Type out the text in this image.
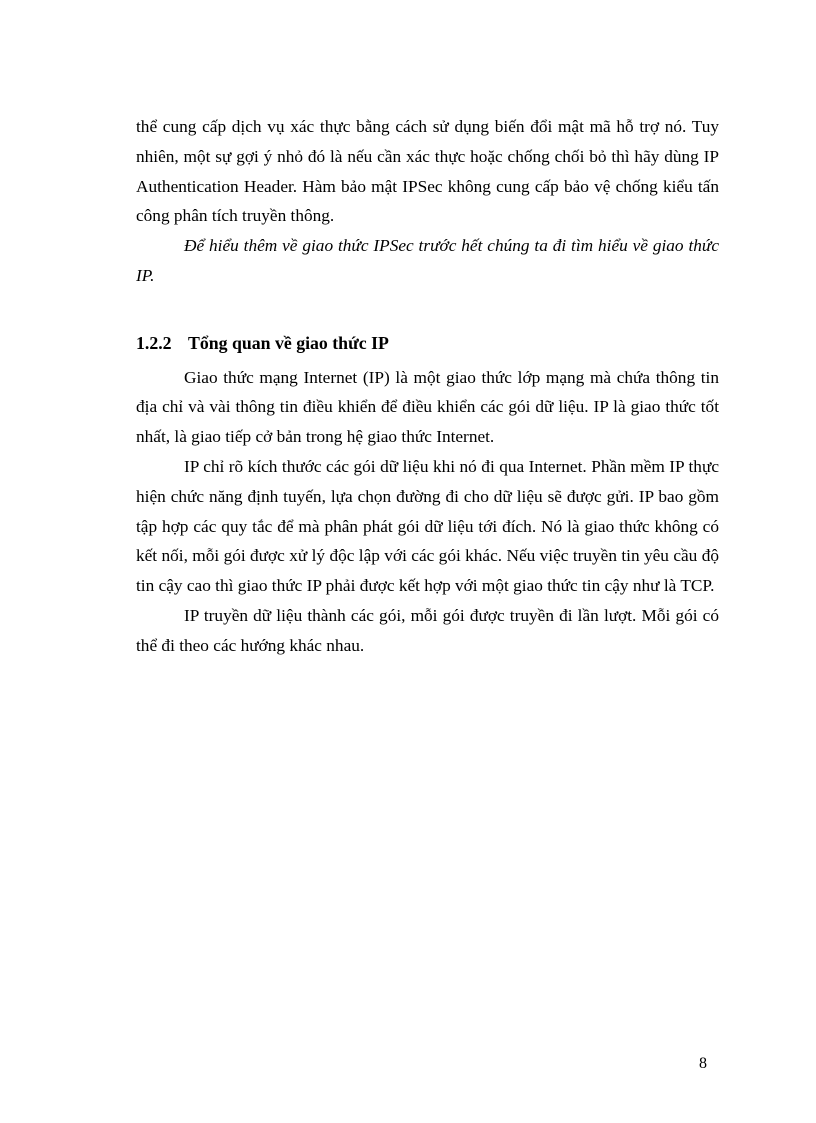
thể cung cấp dịch vụ xác thực bằng cách sử dụng biến đổi mật mã hỗ trợ nó. Tuy nhiên, một sự gợi ý nhỏ đó là nếu cần xác thực hoặc chống chối bỏ thì hãy dùng IP Authentication Header. Hàm bảo mật IPSec không cung cấp bảo vệ chống kiểu tấn công phân tích truyền thông.

Để hiểu thêm về giao thức IPSec trước hết chúng ta đi tìm hiểu về giao thức IP.

1.2.2 Tổng quan về giao thức IP

Giao thức mạng Internet (IP) là một giao thức lớp mạng mà chứa thông tin địa chỉ và vài thông tin điều khiển để điều khiển các gói dữ liệu. IP là giao thức tốt nhất, là giao tiếp cở bản trong hệ giao thức Internet.

IP chỉ rõ kích thước các gói dữ liệu khi nó đi qua Internet. Phần mềm IP thực hiện chức năng định tuyến, lựa chọn đường đi cho dữ liệu sẽ được gửi. IP bao gồm tập hợp các quy tắc để mà phân phát gói dữ liệu tới đích. Nó là giao thức không có kết nối, mỗi gói được xử lý độc lập với các gói khác. Nếu việc truyền tin yêu cầu độ tin cậy cao thì giao thức IP phải được kết hợp với một giao thức tin cậy như là TCP.

IP truyền dữ liệu thành các gói, mỗi gói được truyền đi lần lượt. Mỗi gói có thể đi theo các hướng khác nhau.

8
